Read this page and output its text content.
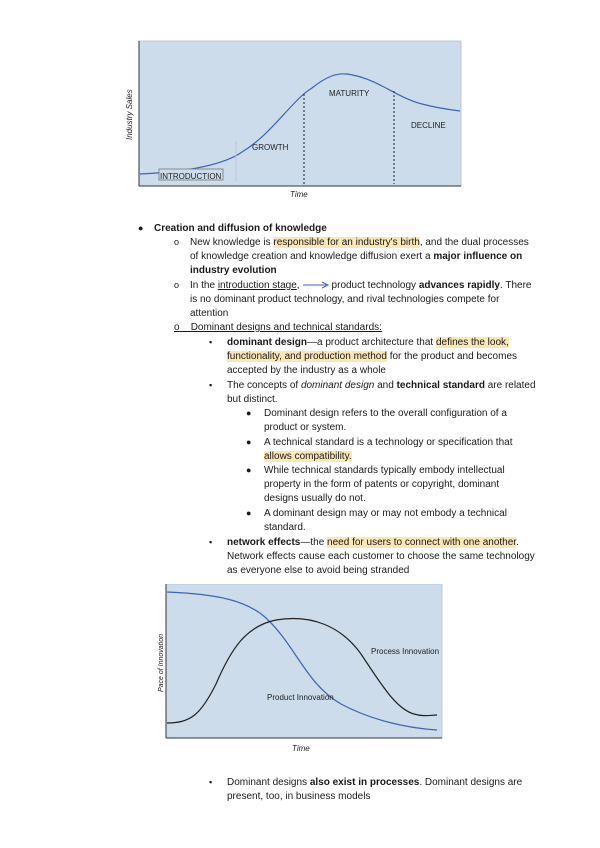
INTRODUCTION
GROWTH
MATURITY
DECLINE
Industry Sales
Time
● Creation and diffusion of knowledge
o New knowledge is responsible for an industry's birth, and the dual processes
of knowledge creation and knowledge diffusion exert a major influence on
industry evolution
o In the introduction stage,	product technology advances rapidly. There
is no dominant product technology, and rival technologies compete for
attention
o Dominant designs and technical standards:
▪ dominant design—a product architecture that defines the look,
functionality, and production method for the product and becomes
accepted by the industry as a whole
▪ The concepts of dominant design and technical standard are related
but distinct.
● Dominant design refers to the overall configuration of a
product or system.
● A technical standard is a technology or specification that
allows compatibility.
● While technical standards typically embody intellectual
property in the form of patents or copyright, dominant
designs usually do not.
● A dominant design may or may not embody a technical
standard.
▪ network effects—the need for users to connect with one another.
Network effects cause each customer to choose the same technology
as everyone else to avoid being stranded
Process Innovation
Product Innovation
Pace of Innovation
Time
▪ Dominant designs also exist in processes. Dominant designs are
present, too, in business models
